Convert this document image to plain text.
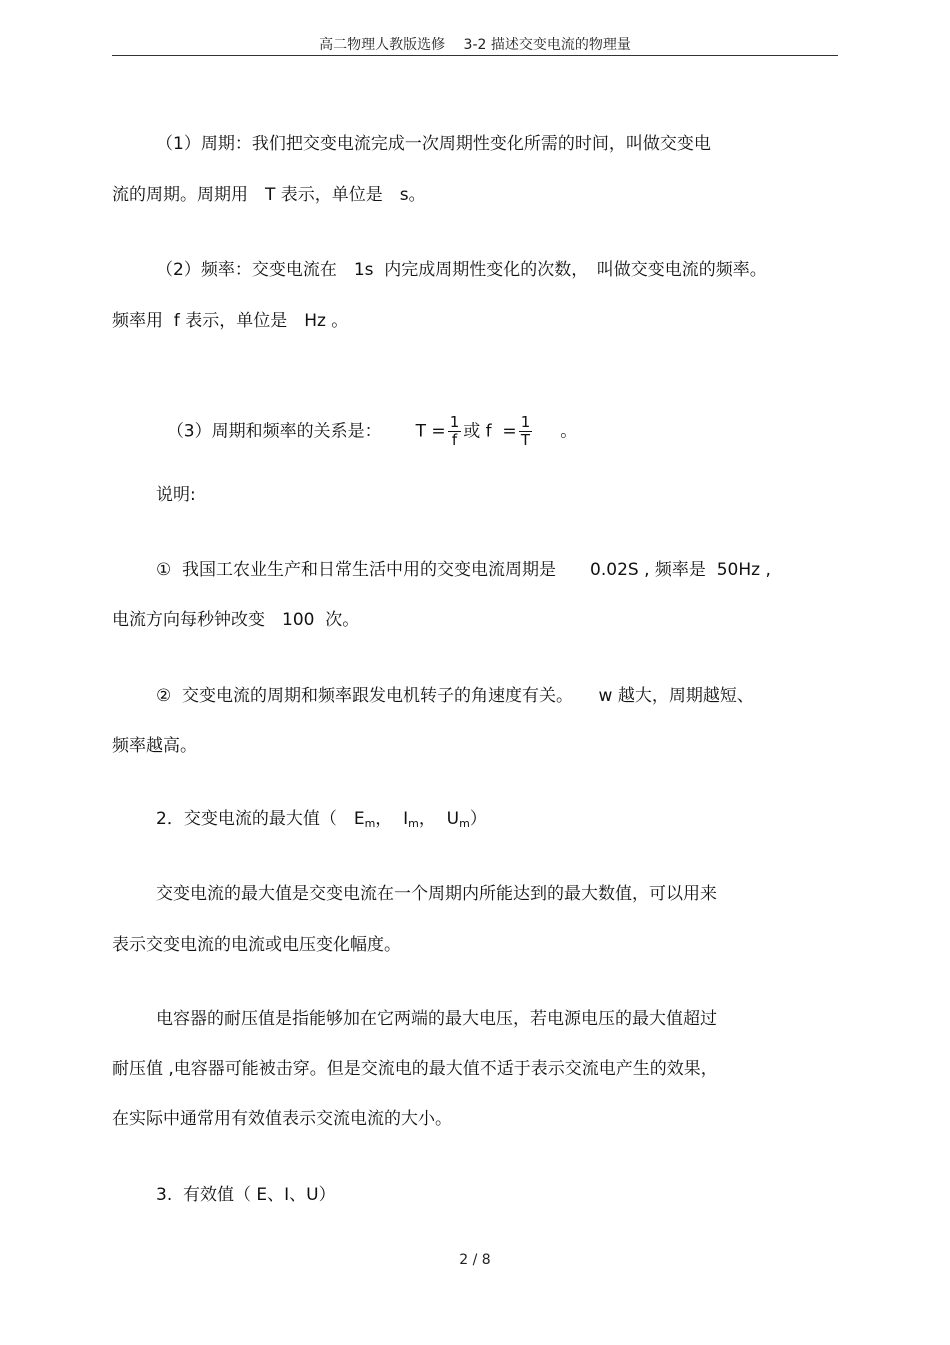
高二物理人教版选修　 3-2 描述交变电流的物理量
（1）周期：我们把交变电流完成一次周期性变化所需的时间，叫做交变电
流的周期。周期用　T 表示，单位是　s。
（2）频率：交变电流在　1s  内完成周期性变化的次数，　叫做交变电流的频率。
频率用  f 表示，单位是　Hz 。

（3）周期和频率的关系是： $T = \frac{1}{f}$ 或 $f = \frac{1}{T}$ 。

说明:
①  我国工农业生产和日常生活中用的交变电流周期是　　0.02S , 频率是  50Hz ,
电流方向每秒钟改变　100  次。
②  交变电流的周期和频率跟发电机转子的角速度有关。　　w 越大，周期越短、
频率越高。
2．交变电流的最大值（　$E_m$，  $I_m$，  $U_m$）
交变电流的最大值是交变电流在一个周期内所能达到的最大数值，可以用来
表示交变电流的电流或电压变化幅度。
电容器的耐压值是指能够加在它两端的最大电压，若电源电压的最大值超过
耐压值 ,电容器可能被击穿。但是交流电的最大值不适于表示交流电产生的效果，
在实际中通常用有效值表示交流电流的大小。
3.  有效值（ E、I、U）
2 / 8
